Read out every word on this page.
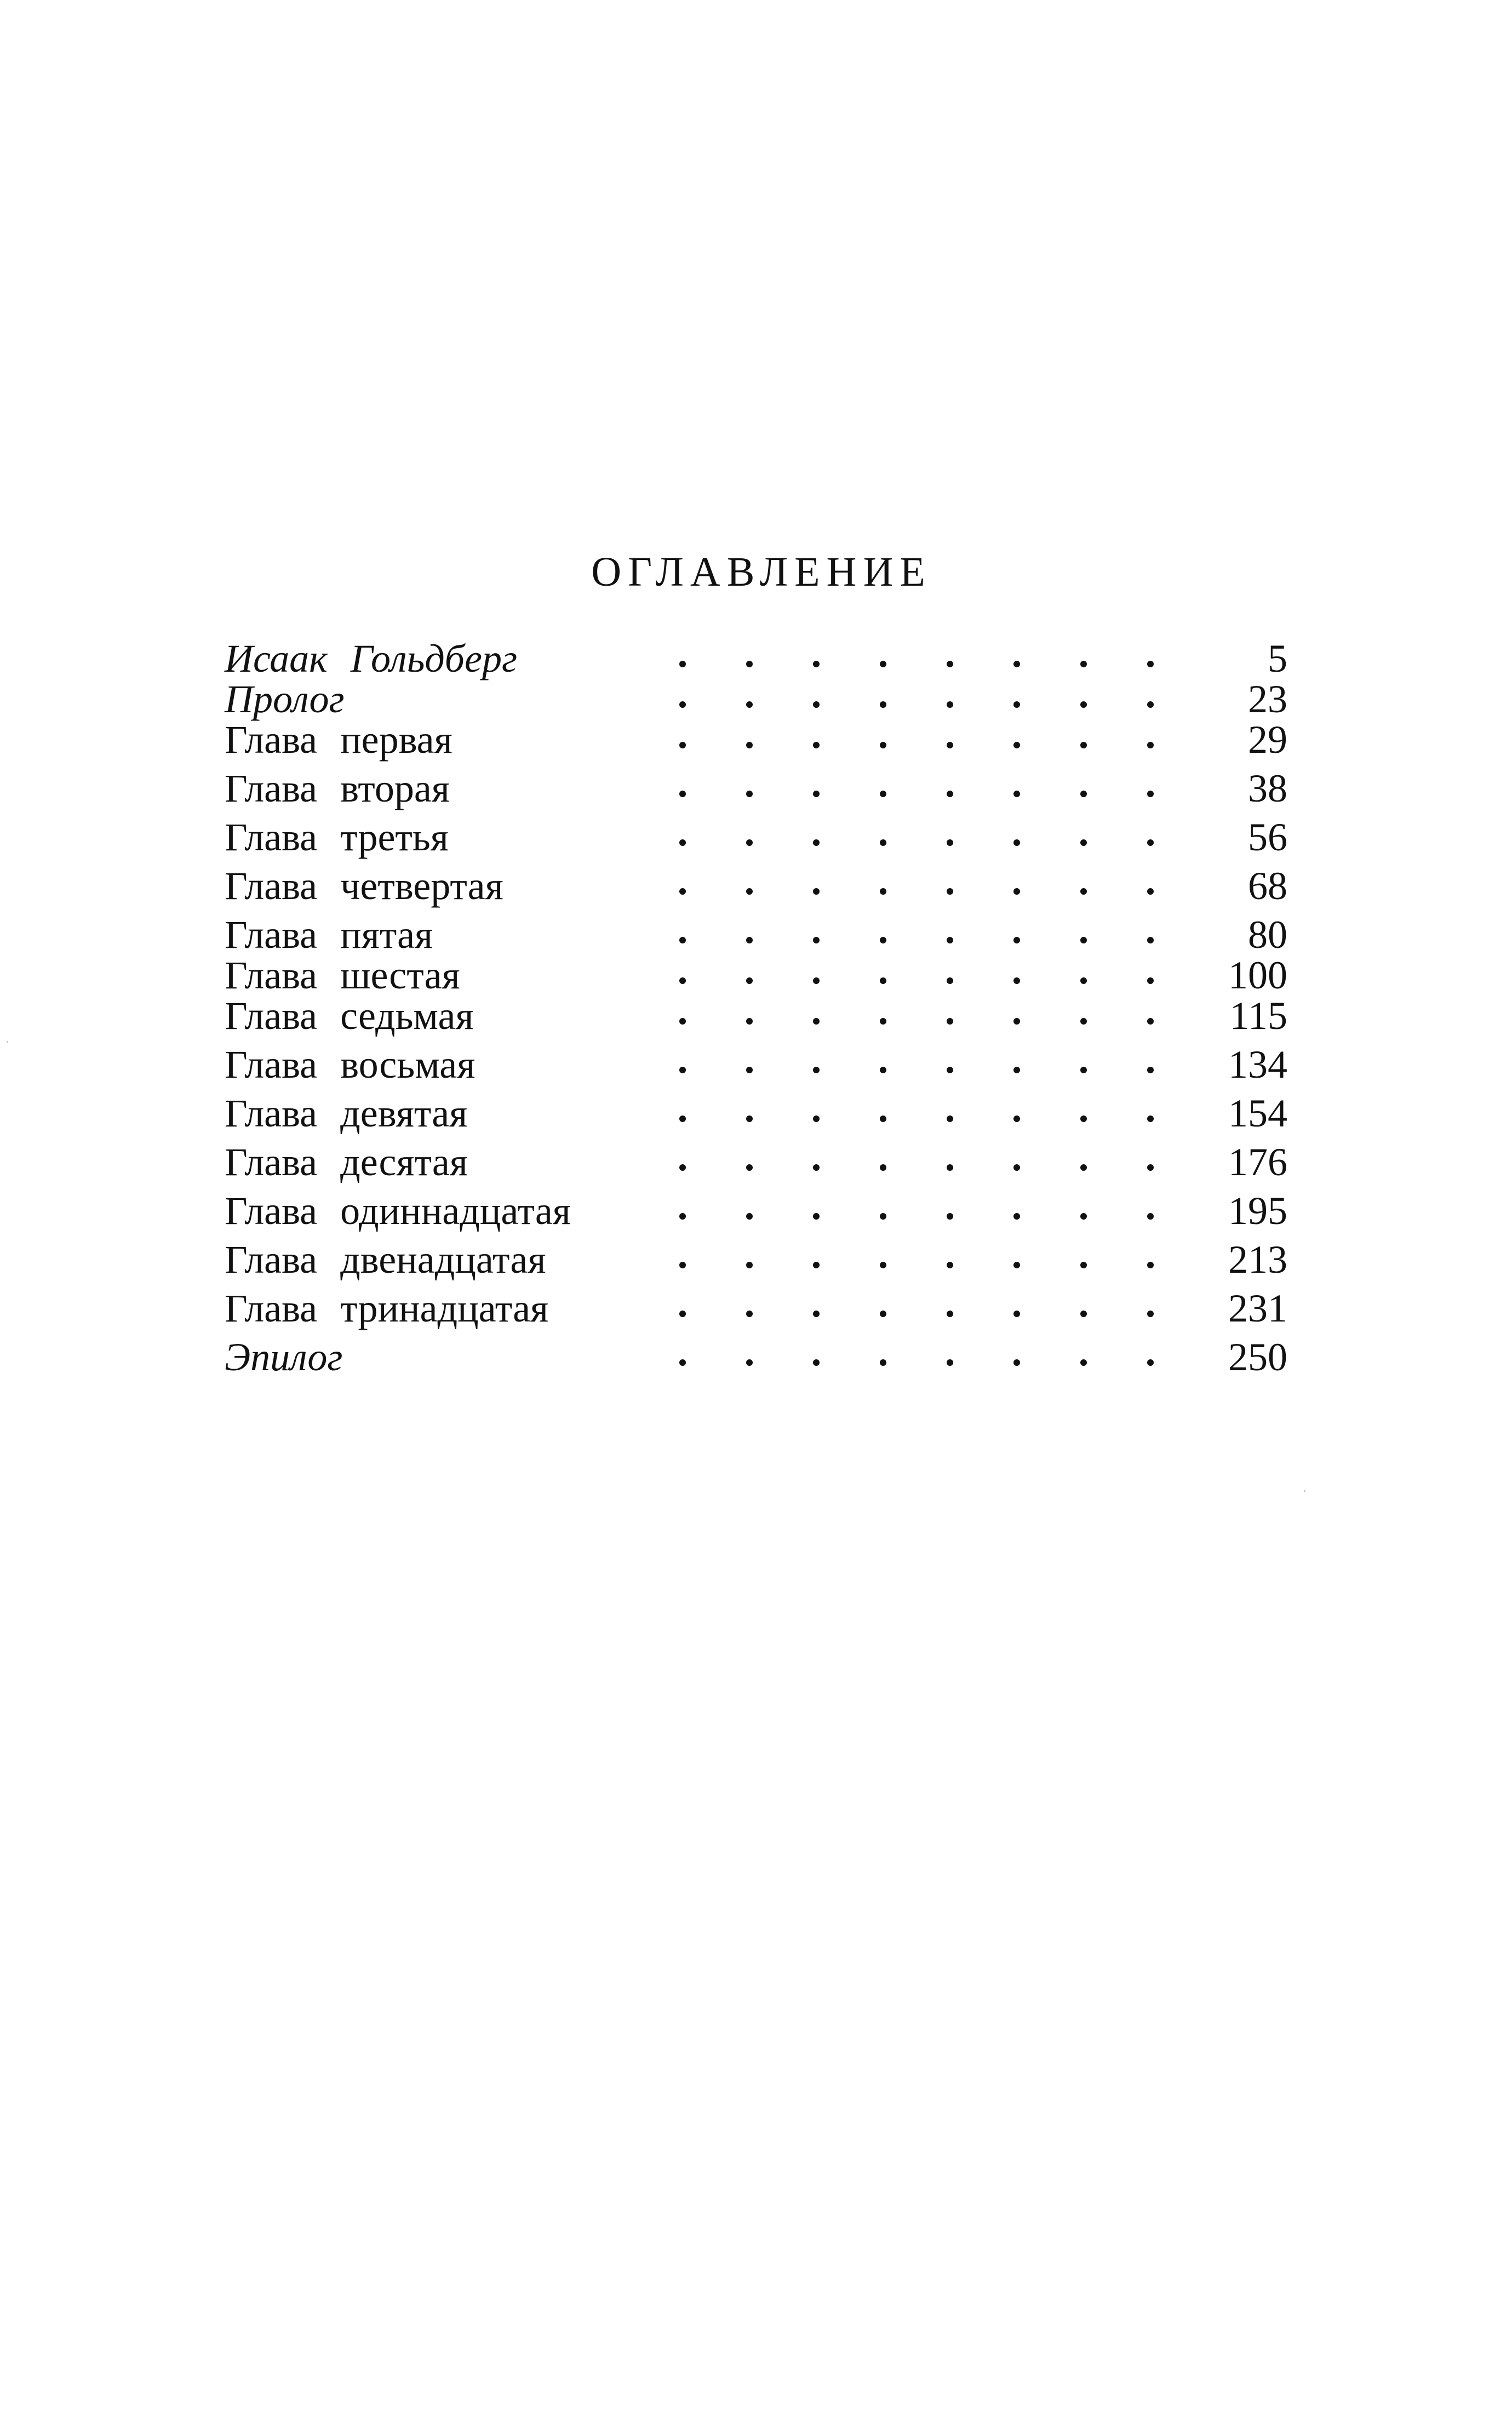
ОГЛАВЛЕНИЕ
Исаак Гольдберг	5
Пролог	23
Глава первая	29
Глава вторая	38
Глава третья	56
Глава четвертая	68
Глава пятая	80
Глава шестая	100
Глава седьмая	115
Глава восьмая	134
Глава девятая	154
Глава десятая	176
Глава одиннадцатая	195
Глава двенадцатая	213
Глава тринадцатая	231
Эпилог	250
